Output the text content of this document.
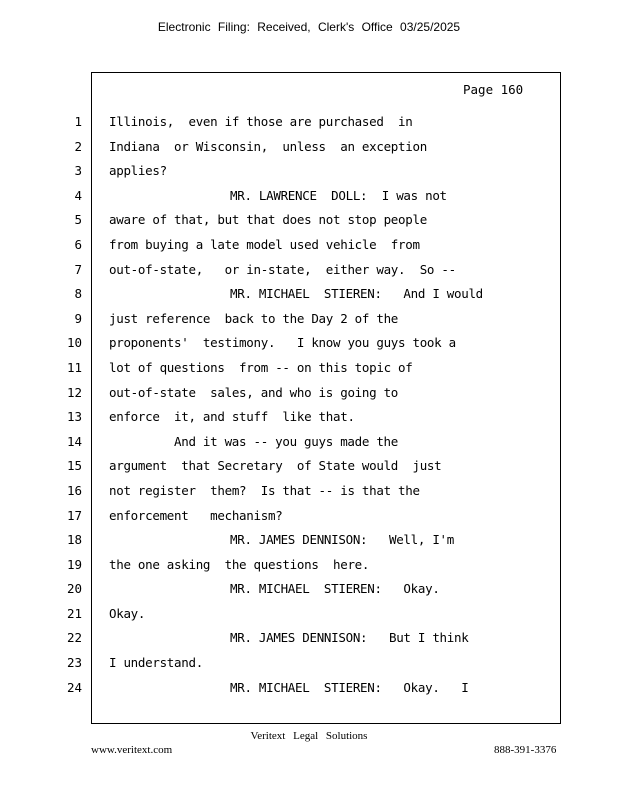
Electronic Filing: Received, Clerk's Office 03/25/2025
Page 160
1 Illinois,  even if those are purchased  in
2 Indiana  or Wisconsin,  unless  an exception
3 applies?
4	MR. LAWRENCE  DOLL:  I was not
5 aware of that, but that does not stop people
6 from buying a late model used vehicle  from
7 out-of-state,   or in-state,  either way.  So --
8	MR. MICHAEL  STIEREN:   And I would
9 just reference  back to the Day 2 of the
10 proponents'  testimony.   I know you guys took a
11 lot of questions  from -- on this topic of
12 out-of-state  sales, and who is going to
13 enforce  it, and stuff  like that.
14	And it was -- you guys made the
15 argument  that Secretary  of State would  just
16 not register  them?  Is that -- is that the
17 enforcement   mechanism?
18	MR. JAMES DENNISON:   Well, I'm
19 the one asking  the questions  here.
20	MR. MICHAEL  STIEREN:   Okay.
21 Okay.
22	MR. JAMES DENNISON:   But I think
23 I understand.
24	MR. MICHAEL  STIEREN:   Okay.   I
Veritext Legal Solutions
www.veritext.com	888-391-3376
